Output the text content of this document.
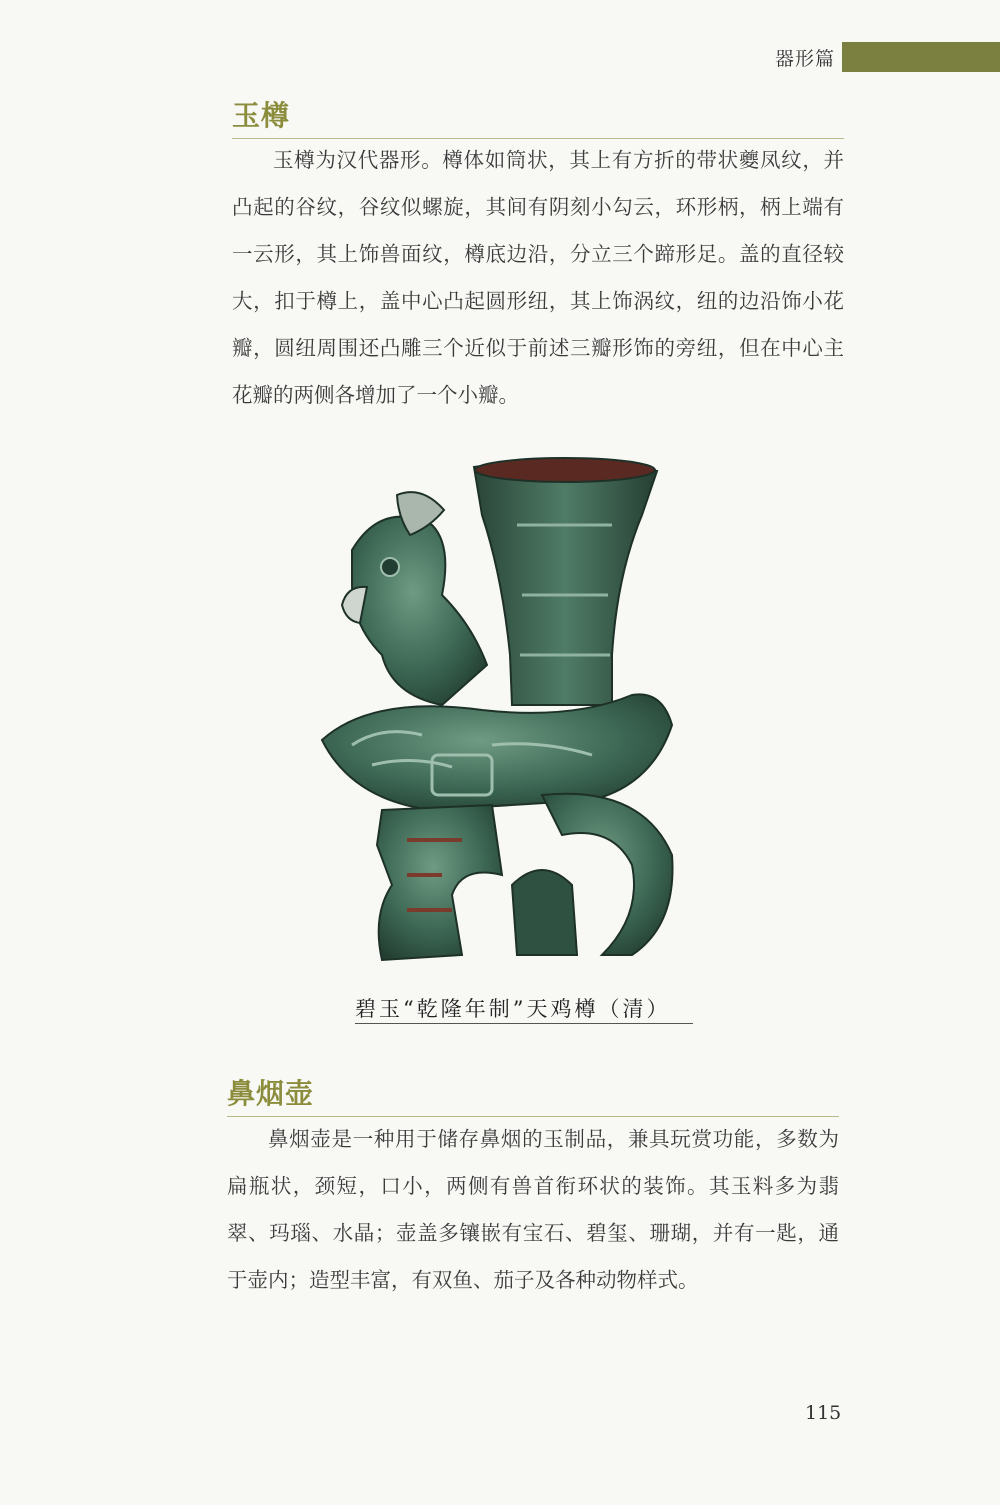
器形篇
玉樽

玉樽为汉代器形。樽体如筒状，其上有方折的带状夔凤纹，并凸起的谷纹，谷纹似螺旋，其间有阴刻小勾云，环形柄，柄上端有一云形，其上饰兽面纹，樽底边沿，分立三个蹄形足。盖的直径较大，扣于樽上，盖中心凸起圆形纽，其上饰涡纹，纽的边沿饰小花瓣，圆纽周围还凸雕三个近似于前述三瓣形饰的旁纽，但在中心主花瓣的两侧各增加了一个小瓣。

碧玉“乾隆年制”天鸡樽（清）
鼻烟壶

鼻烟壶是一种用于储存鼻烟的玉制品，兼具玩赏功能，多数为扁瓶状，颈短，口小，两侧有兽首衔环状的装饰。其玉料多为翡翠、玛瑙、水晶；壶盖多镶嵌有宝石、碧玺、珊瑚，并有一匙，通于壶内；造型丰富，有双鱼、茄子及各种动物样式。

115
